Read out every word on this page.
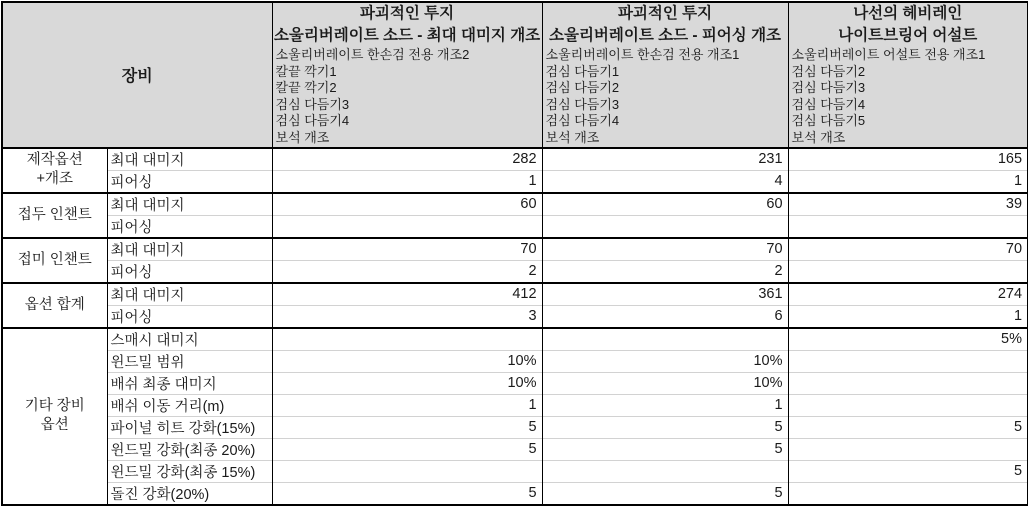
장비	
파괴적인 투지
소울리버레이트 소드 - 최대 대미지 개조
소울리버레이트 한손검 전용 개조2
칼끝 깍기1
칼끝 깍기2
검심 다듬기3
검심 다듬기4
보석 개조

파괴적인 투지
소울리버레이트 소드 - 피어싱 개조
소울리버레이트 한손검 전용 개조1
검심 다듬기1
검심 다듬기2
검심 다듬기3
검심 다듬기4
보석 개조

나선의 헤비레인
나이트브링어 어설트
소울리버레이트 어설트 전용 개조1
검심 다듬기2
검심 다듬기3
검심 다듬기4
검심 다듬기5
보석 개조

제작옵션+개조	최대 대미지	282	231	165
	피어싱	1	4	1

접두 인챈트	최대 대미지	60	60	39
	피어싱			

접미 인챈트	최대 대미지	70	70	70
	피어싱	2	2	

옵션 합계	최대 대미지	412	361	274
	피어싱	3	6	1

기타 장비 옵션	스매시 대미지			5%
	윈드밀 범위	10%	10%	
	배쉬 최종 대미지	10%	10%	
	배쉬 이동 거리(m)	1	1	
	파이널 히트 강화(15%)	5	5	5
	윈드밀 강화(최종 20%)	5	5	
	윈드밀 강화(최종 15%)			5
	돌진 강화(20%)	5	5	
